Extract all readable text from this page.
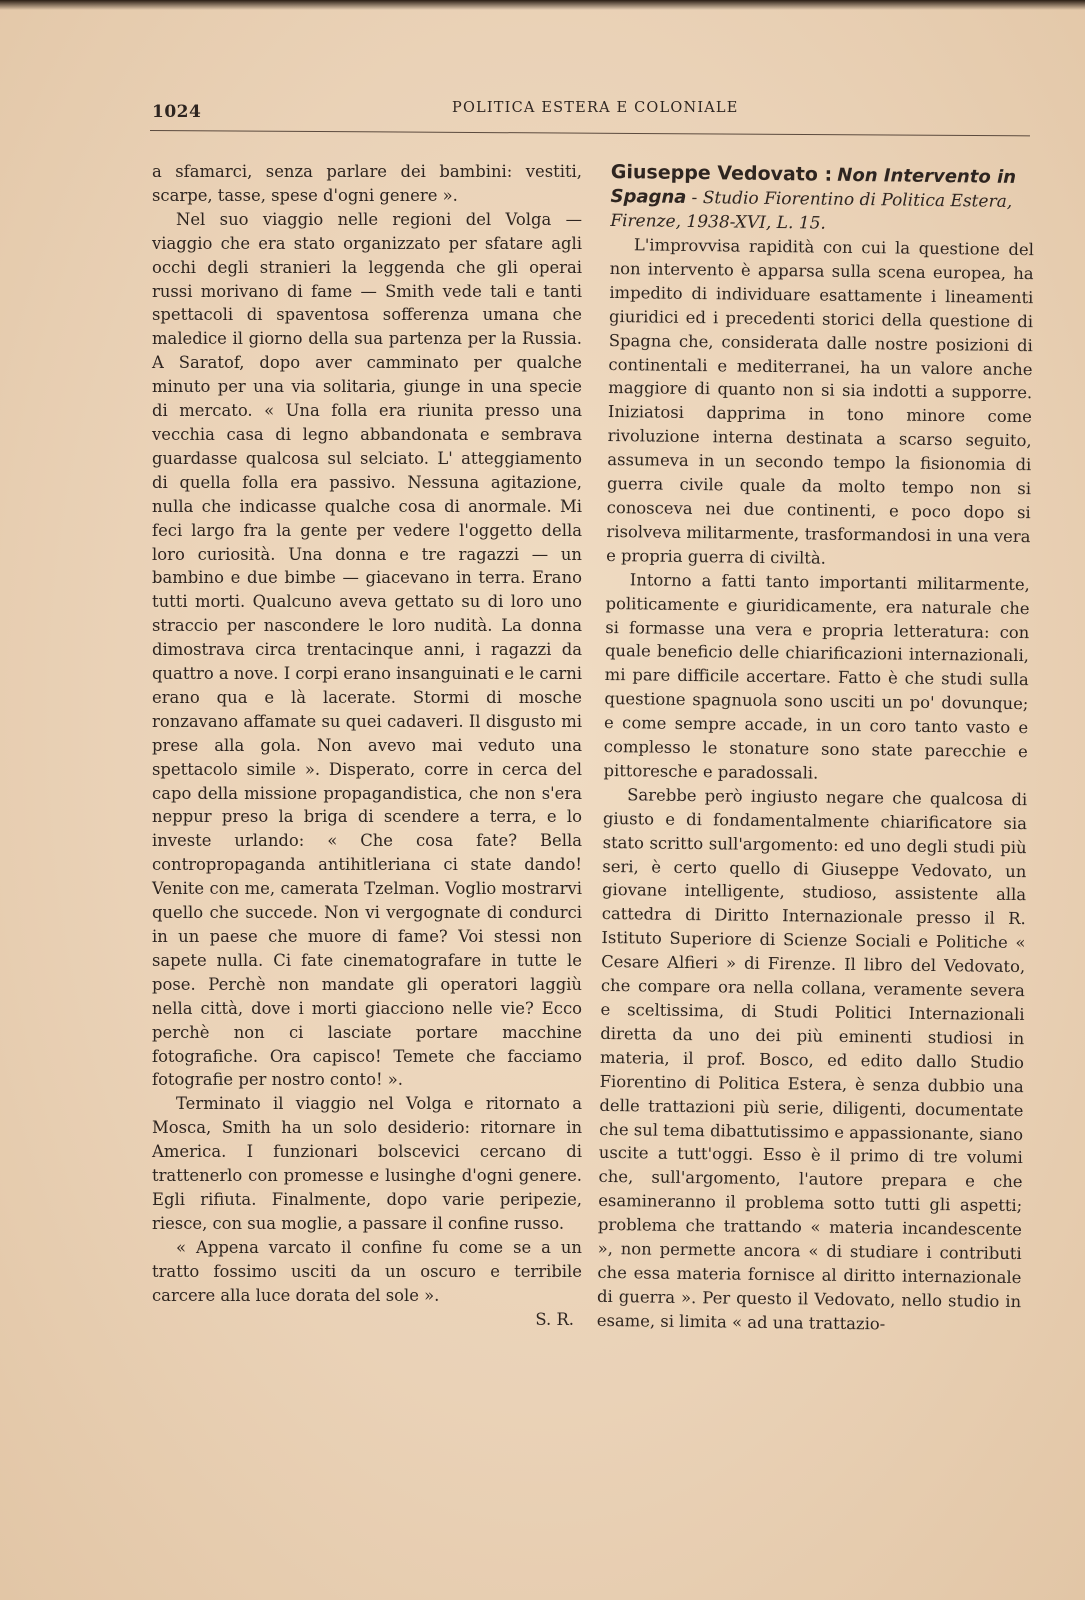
1024	POLITICA ESTERA E COLONIALE

a sfamarci, senza parlare dei bambini: vestiti, scarpe, tasse, spese d'ogni genere ».

Nel suo viaggio nelle regioni del Volga — viaggio che era stato organizzato per sfatare agli occhi degli stranieri la leggenda che gli operai russi morivano di fame — Smith vede tali e tanti spettacoli di spaventosa sofferenza umana che maledice il giorno della sua partenza per la Russia. A Saratof, dopo aver camminato per qualche minuto per una via solitaria, giunge in una specie di mercato. « Una folla era riunita presso una vecchia casa di legno abbandonata e sembrava guardasse qualcosa sul selciato. L' atteggiamento di quella folla era passivo. Nessuna agitazione, nulla che indicasse qualche cosa di anormale. Mi feci largo fra la gente per vedere l'oggetto della loro curiosità. Una donna e tre ragazzi — un bambino e due bimbe — giacevano in terra. Erano tutti morti. Qualcuno aveva gettato su di loro uno straccio per nascondere le loro nudità. La donna dimostrava circa trentacinque anni, i ragazzi da quattro a nove. I corpi erano insanguinati e le carni erano qua e là lacerate. Stormi di mosche ronzavano affamate su quei cadaveri. Il disgusto mi prese alla gola. Non avevo mai veduto una spettacolo simile ». Disperato, corre in cerca del capo della missione propagandistica, che non s'era neppur preso la briga di scendere a terra, e lo investe urlando: « Che cosa fate? Bella contropropaganda antihitleriana ci state dando! Venite con me, camerata Tzelman. Voglio mostrarvi quello che succede. Non vi vergognate di condurci in un paese che muore di fame? Voi stessi non sapete nulla. Ci fate cinematografare in tutte le pose. Perchè non mandate gli operatori laggiù nella città, dove i morti giacciono nelle vie? Ecco perchè non ci lasciate portare macchine fotografiche. Ora capisco! Temete che facciamo fotografie per nostro conto! ».

Terminato il viaggio nel Volga e ritornato a Mosca, Smith ha un solo desiderio: ritornare in America. I funzionari bolscevici cercano di trattenerlo con promesse e lusinghe d'ogni genere. Egli rifiuta. Finalmente, dopo varie peripezie, riesce, con sua moglie, a passare il confine russo.

« Appena varcato il confine fu come se a un tratto fossimo usciti da un oscuro e terribile carcere alla luce dorata del sole ».

S. R.

Giuseppe Vedovato : Non Intervento in Spagna - Studio Fiorentino di Politica Estera, Firenze, 1938-XVI, L. 15.

L'improvvisa rapidità con cui la questione del non intervento è apparsa sulla scena europea, ha impedito di individuare esattamente i lineamenti giuridici ed i precedenti storici della questione di Spagna che, considerata dalle nostre posizioni di continentali e mediterranei, ha un valore anche maggiore di quanto non si sia indotti a supporre. Iniziatosi dapprima in tono minore come rivoluzione interna destinata a scarso seguito, assumeva in un secondo tempo la fisionomia di guerra civile quale da molto tempo non si conosceva nei due continenti, e poco dopo si risolveva militarmente, trasformandosi in una vera e propria guerra di civiltà.

Intorno a fatti tanto importanti militarmente, politicamente e giuridicamente, era naturale che si formasse una vera e propria letteratura: con quale beneficio delle chiarificazioni internazionali, mi pare difficile accertare. Fatto è che studi sulla questione spagnuola sono usciti un po' dovunque; e come sempre accade, in un coro tanto vasto e complesso le stonature sono state parecchie e pittoresche e paradossali.

Sarebbe però ingiusto negare che qualcosa di giusto e di fondamentalmente chiarificatore sia stato scritto sull'argomento: ed uno degli studi più seri, è certo quello di Giuseppe Vedovato, un giovane intelligente, studioso, assistente alla cattedra di Diritto Internazionale presso il R. Istituto Superiore di Scienze Sociali e Politiche « Cesare Alfieri » di Firenze. Il libro del Vedovato, che compare ora nella collana, veramente severa e sceltissima, di Studi Politici Internazionali diretta da uno dei più eminenti studiosi in materia, il prof. Bosco, ed edito dallo Studio Fiorentino di Politica Estera, è senza dubbio una delle trattazioni più serie, diligenti, documentate che sul tema dibattutissimo e appassionante, siano uscite a tutt'oggi. Esso è il primo di tre volumi che, sull'argomento, l'autore prepara e che esamineranno il problema sotto tutti gli aspetti; problema che trattando « materia incandescente », non permette ancora « di studiare i contributi che essa materia fornisce al diritto internazionale di guerra ». Per questo il Vedovato, nello studio in esame, si limita « ad una trattazio-
